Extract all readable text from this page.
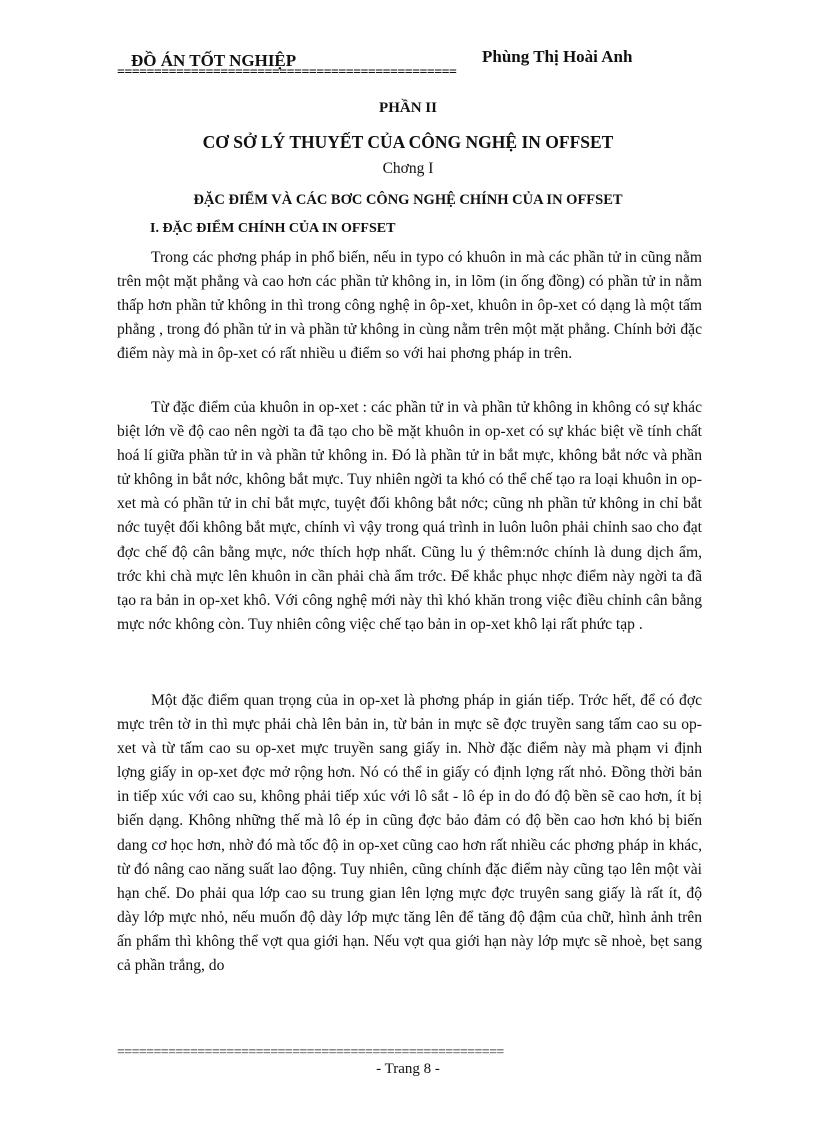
ĐỒ ÁN TỐT NGHIỆP	Phùng Thị Hoài Anh
==============================================
PHẦN II
CƠ SỞ LÝ THUYẾT CỦA CÔNG NGHỆ IN OFFSET
Chơng I
ĐẶC ĐIỂM VÀ CÁC BƠC CÔNG NGHỆ CHÍNH CỦA IN OFFSET
I. ĐẶC ĐIỂM CHÍNH CỦA IN OFFSET

Trong các phơng pháp in phổ biến, nếu in typo có khuôn in mà các phần tử in cũng nằm trên một mặt phẳng và cao hơn các phần tử không in, in lõm (in ống đồng) có phần tử in nằm thấp hơn phần tử không in thì trong công nghệ in ôp-xet, khuôn in ôp-xet có dạng là một tấm phẳng , trong đó phần tử in và phần tử không in cùng nằm trên một mặt phẳng. Chính bởi đặc điểm này mà in ôp-xet có rất nhiều u điểm so với hai phơng pháp in trên.

Từ đặc điểm của khuôn in op-xet : các phần tử in và phần tử không in không có sự khác biệt lớn về độ cao nên ngời ta đã tạo cho bề mặt khuôn in op-xet có sự khác biệt về tính chất hoá lí giữa phần tử in và phần tử không in. Đó là phần tử in bắt mực, không bắt nớc và phần tử không in bắt nớc, không bắt mực. Tuy nhiên ngời ta khó có thể chế tạo ra loại khuôn in op-xet mà có phần tử in chỉ bắt mực, tuyệt đối không bắt nớc; cũng nh phần tử không in chỉ bắt nớc tuyệt đối không bắt mực, chính vì vậy trong quá trình in luôn luôn phải chỉnh sao cho đạt đợc chế độ cân bằng mực, nớc thích hợp nhất. Cũng lu ý thêm:nớc chính là dung dịch ẩm, trớc khi chà mực lên khuôn in cần phải chà ẩm trớc. Để khắc phục nhợc điểm này ngời ta đã tạo ra bản in op-xet khô. Với công nghệ mới này thì khó khăn trong việc điều chỉnh cân bằng mực nớc không còn. Tuy nhiên công việc chế tạo bản in op-xet khô lại rất phức tạp .

Một đặc điểm quan trọng của in op-xet là phơng pháp in gián tiếp. Trớc hết, để có đợc mực trên tờ in thì mực phải chà lên bản in, từ bản in mực sẽ đợc truyền sang tấm cao su op-xet và từ tấm cao su op-xet mực truyền sang giấy in. Nhờ đặc điểm này mà phạm vi định lợng giấy in op-xet đợc mở rộng hơn. Nó có thể in giấy có định lợng rất nhỏ. Đồng thời bản in tiếp xúc với cao su, không phải tiếp xúc với lô sắt - lô ép in do đó độ bền sẽ cao hơn, ít bị biến dạng. Không những thế mà lô ép in cũng đợc bảo đảm có độ bền cao hơn khó bị biến dang cơ học hơn, nhờ đó mà tốc độ in op-xet cũng cao hơn rất nhiều các phơng pháp in khác, từ đó nâng cao năng suất lao động. Tuy nhiên, cũng chính đặc điểm này cũng tạo lên một vài hạn chế. Do phải qua lớp cao su trung gian lên lợng mực đợc truyên sang giấy là rất ít, độ dày lớp mực nhỏ, nếu muốn độ dày lớp mực tăng lên để tăng độ đậm của chữ, hình ảnh trên ấn phẩm thì không thể vợt qua giới hạn. Nếu vợt qua giới hạn này lớp mực sẽ nhoè, bẹt sang cả phần trắng, do

=====================================================
- Trang 8 -
